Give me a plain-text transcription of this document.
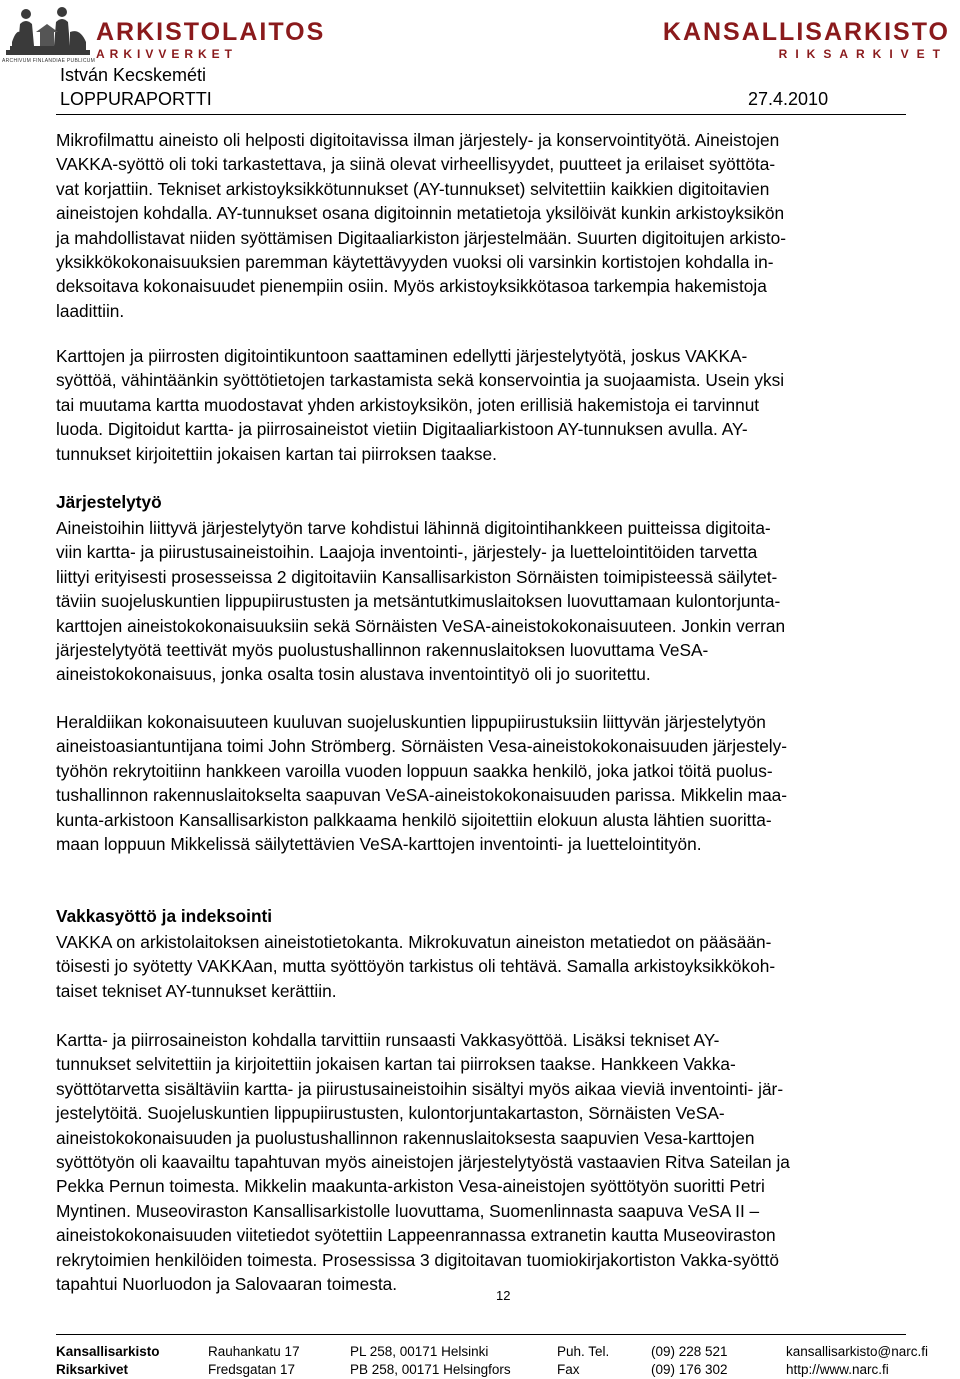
ARKISTOLAITOS
ARKIVVERKET
ARCHIVUM FINLANDIAE PUBLICUM
KANSALLISARKISTO
RIKSARKIVET
István Kecskeméti
LOPPURAPORTTI	27.4.2010
Mikrofilmattu aineisto oli helposti digitoitavissa ilman järjestely- ja konservointityötä. Aineistojen
VAKKA-syöttö oli toki tarkastettava, ja siinä olevat virheellisyydet, puutteet ja erilaiset syöttöta-
vat korjattiin. Tekniset arkistoyksikkötunnukset (AY-tunnukset) selvitettiin kaikkien digitoitavien
aineistojen kohdalla. AY-tunnukset osana digitoinnin metatietoja yksilöivät kunkin arkistoyksikön
ja mahdollistavat niiden syöttämisen Digitaaliarkiston järjestelmään. Suurten digitoitujen arkisto-
yksikkökokonaisuuksien paremman käytettävyyden vuoksi oli varsinkin kortistojen kohdalla in-
deksoitava kokonaisuudet pienempiin osiin. Myös arkistoyksikkötasoa tarkempia hakemistoja
laadittiin.
Karttojen ja piirrosten digitointikuntoon saattaminen edellytti järjestelytyötä, joskus VAKKA-
syöttöä, vähintäänkin syöttötietojen tarkastamista sekä konservointia ja suojaamista. Usein yksi
tai muutama kartta muodostavat yhden arkistoyksikön, joten erillisiä hakemistoja ei tarvinnut
luoda. Digitoidut kartta- ja piirrosaineistot vietiin Digitaaliarkistoon AY-tunnuksen avulla. AY-
tunnukset kirjoitettiin jokaisen kartan tai piirroksen taakse.
Järjestelytyö
Aineistoihin liittyvä järjestelytyön tarve kohdistui lähinnä digitointihankkeen puitteissa digitoita-
viin kartta- ja piirustusaineistoihin. Laajoja inventointi-, järjestely- ja luettelointitöiden tarvetta
liittyi erityisesti prosesseissa 2 digitoitaviin Kansallisarkiston Sörnäisten toimipisteessä säilytet-
täviin suojeluskuntien lippupiirustusten ja metsäntutkimuslaitoksen luovuttamaan kulontorjunta-
karttojen aineistokokonaisuuksiin sekä Sörnäisten VeSA-aineistokokonaisuuteen. Jonkin verran
järjestelytyötä teettivät myös puolustushallinnon rakennuslaitoksen luovuttama VeSA-
aineistokokonaisuus, jonka osalta tosin alustava inventointityö oli jo suoritettu.
Heraldiikan kokonaisuuteen kuuluvan suojeluskuntien lippupiirustuksiin liittyvän järjestelytyön
aineistoasiantuntijana toimi John Strömberg. Sörnäisten Vesa-aineistokokonaisuuden järjestely-
työhön rekrytoitiinn hankkeen varoilla vuoden loppuun saakka henkilö, joka jatkoi töitä puolus-
tushallinnon rakennuslaitokselta saapuvan VeSA-aineistokokonaisuuden parissa. Mikkelin maa-
kunta-arkistoon Kansallisarkiston palkkaama henkilö sijoitettiin elokuun alusta lähtien suoritta-
maan loppuun Mikkelissä säilytettävien VeSA-karttojen inventointi- ja luettelointityön.
Vakkasyöttö ja indeksointi
VAKKA on arkistolaitoksen aineistotietokanta. Mikrokuvatun aineiston metatiedot on pääsään-
töisesti jo syötetty VAKKAan, mutta syöttöyön tarkistus oli tehtävä. Samalla arkistoyksikkökoh-
taiset tekniset AY-tunnukset kerättiin.
Kartta- ja piirrosaineiston kohdalla tarvittiin runsaasti Vakkasyöttöä. Lisäksi tekniset AY-
tunnukset selvitettiin ja kirjoitettiin jokaisen kartan tai piirroksen taakse. Hankkeen Vakka-
syöttötarvetta sisältäviin kartta- ja piirustusaineistoihin sisältyi myös aikaa vieviä inventointi- jär-
jestelytöitä. Suojeluskuntien lippupiirustusten, kulontorjuntakartaston, Sörnäisten VeSA-
aineistokokonaisuuden ja puolustushallinnon rakennuslaitoksesta saapuvien Vesa-karttojen
syöttötyön oli kaavailtu tapahtuvan myös aineistojen järjestelytyöstä vastaavien Ritva Sateilan ja
Pekka Pernun toimesta. Mikkelin maakunta-arkiston Vesa-aineistojen syöttötyön suoritti Petri
Myntinen. Museoviraston Kansallisarkistolle luovuttama, Suomenlinnasta saapuva VeSA II –
aineistokokonaisuuden viitetiedot syötettiin Lappeenrannassa extranetin kautta Museoviraston
rekrytoimien henkilöiden toimesta. Prosessissa 3 digitoitavan tuomiokirjakortiston Vakka-syöttö
tapahtui Nuorluodon ja Salovaaran toimesta.
12
Kansallisarkisto	Rauhankatu 17	PL 258, 00171 Helsinki	Puh. Tel.	(09) 228 521	kansallisarkisto@narc.fi
Riksarkivet	Fredsgatan 17	PB 258, 00171 Helsingfors	Fax	(09) 176 302	http://www.narc.fi
